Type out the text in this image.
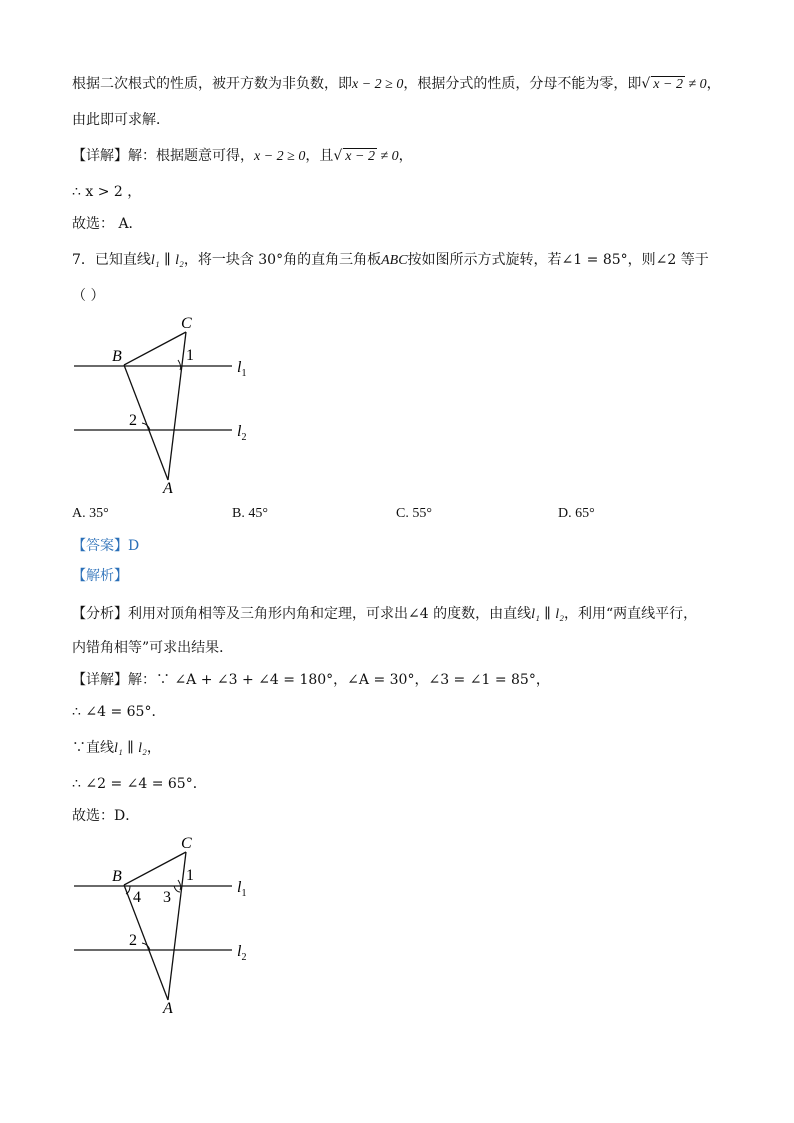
根据二次根式的性质，被开方数为非负数，即x − 2 ≥ 0，根据分式的性质，分母不能为零，即√ x − 2 ≠ 0，
由此即可求解．
【详解】解：根据题意可得，x − 2 ≥ 0，且√ x − 2 ≠ 0，
∴ x > 2 ，
故选： A．
7．已知直线l₁ ∥ l₂，将一块含 30°角的直角三角板ABC按如图所示方式旋转，若∠1 = 85°，则∠2 等于
（ ）
B
C
A
1
2
$l_1$
$l_2$
A. 35°	B. 45°	C. 55°	D. 65°
【答案】D
【解析】
【分析】利用对顶角相等及三角形内角和定理，可求出∠4 的度数，由直线l₁ ∥ l₂，利用“两直线平行，
内错角相等”可求出结果．
【详解】解：∵ ∠A + ∠3 + ∠4 = 180°，∠A = 30°，∠3 = ∠1 = 85°，
∴ ∠4 = 65°．
∵直线l₁ ∥ l₂，
∴ ∠2 = ∠4 = 65°．
故选：D．
B
C
A
1
4 3
2
$l_1$
$l_2$
